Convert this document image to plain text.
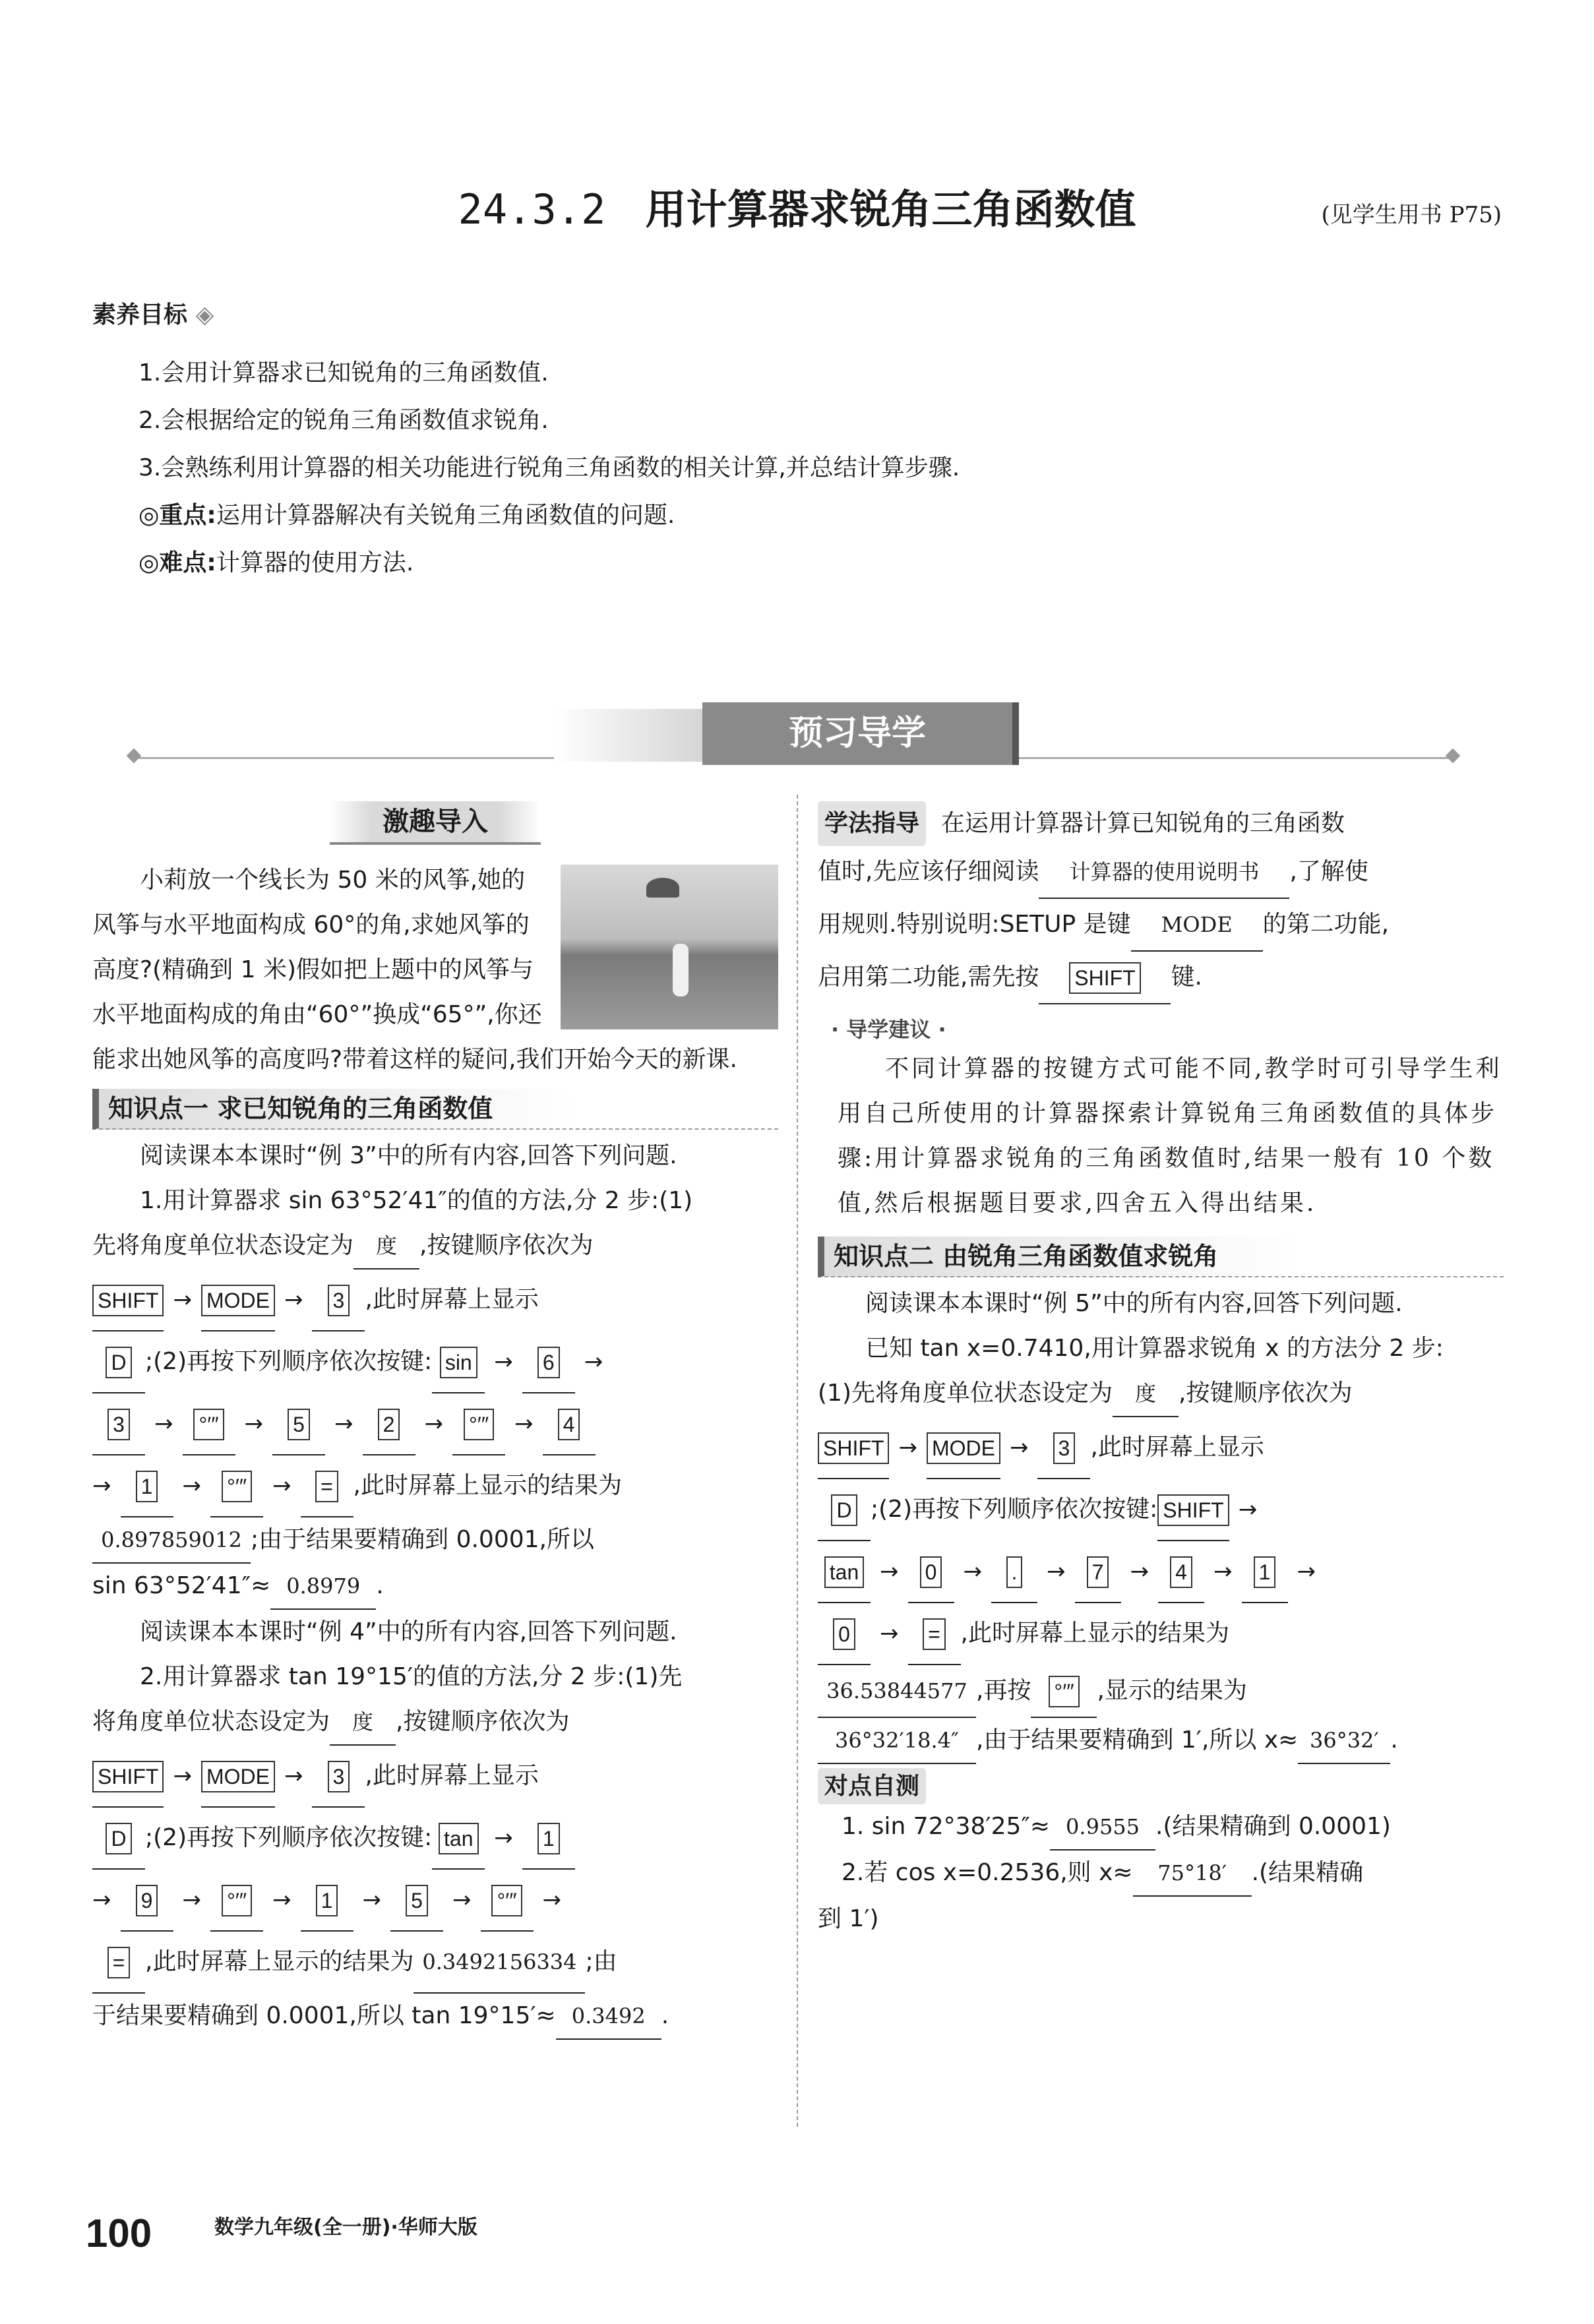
24.3.2 用计算器求锐角三角函数值	(见学生用书 P75)
素养目标 ◈
1.会用计算器求已知锐角的三角函数值.
2.会根据给定的锐角三角函数值求锐角.
3.会熟练利用计算器的相关功能进行锐角三角函数的相关计算,并总结计算步骤.
◎重点:运用计算器解决有关锐角三角函数值的问题.
◎难点:计算器的使用方法.
预习导学
激趣导入

小莉放一个线长为 50 米的风筝,她的风筝与水平地面构成 60°的角,求她风筝的高度?(精确到 1 米)假如把上题中的风筝与水平地面构成的角由“60°”换成“65°”,你还能求出她风筝的高度吗?带着这样的疑问,我们开始今天的新课.

知识点一 求已知锐角的三角函数值

阅读课本本课时“例 3”中的所有内容,回答下列问题.

1.用计算器求 sin 63°52′41″的值的方法,分 2 步:(1)

先将角度单位状态设定为 度 ,按键顺序依次为
SHIFT → MODE → 3 ,此时屏幕上显示
D ;(2)再按下列顺序依次按键: sin → 6 →
3 → °′″ → 5 → 2 → °′″ → 4
→ 1 → °′″ → = ,此时屏幕上显示的结果为
0.897859012 ;由于结果要精确到 0.0001,所以
sin 63°52′41″≈ 0.8979 .

阅读课本本课时“例 4”中的所有内容,回答下列问题.

2.用计算器求 tan 19°15′的值的方法,分 2 步:(1)先

将角度单位状态设定为 度 ,按键顺序依次为
SHIFT → MODE → 3 ,此时屏幕上显示
D ;(2)再按下列顺序依次按键: tan → 1
→ 9 → °′″ → 1 → 5 → °′″ →
= ,此时屏幕上显示的结果为 0.3492156334 ;由
于结果要精确到 0.0001,所以 tan 19°15′≈ 0.3492 .
学法指导 在运用计算器计算已知锐角的三角函数
值时,先应该仔细阅读 计算器的使用说明书 ,了解使
用规则.特别说明:SETUP 是键 MODE 的第二功能,
启用第二功能,需先按 SHIFT 键.
· 导学建议 ·

不同计算器的按键方式可能不同,教学时可引导学生利用自己所使用的计算器探索计算锐角三角函数值的具体步骤:用计算器求锐角的三角函数值时,结果一般有 10 个数值,然后根据题目要求,四舍五入得出结果.

知识点二 由锐角三角函数值求锐角

阅读课本本课时“例 5”中的所有内容,回答下列问题.

已知 tan x=0.7410,用计算器求锐角 x 的方法分 2 步:

(1)先将角度单位状态设定为 度 ,按键顺序依次为
SHIFT → MODE → 3 ,此时屏幕上显示
D ;(2)再按下列顺序依次按键: SHIFT →
tan → 0 → . → 7 → 4 → 1 →
0 → = ,此时屏幕上显示的结果为
36.53844577 ,再按 °′″ ,显示的结果为
36°32′18.4″ ,由于结果要精确到 1′,所以 x≈ 36°32′ .
对点自测
1. sin 72°38′25″≈ 0.9555 .(结果精确到 0.0001)
2.若 cos x=0.2536,则 x≈ 75°18′ .(结果精确
到 1′)
100	数学九年级(全一册)·华师大版
